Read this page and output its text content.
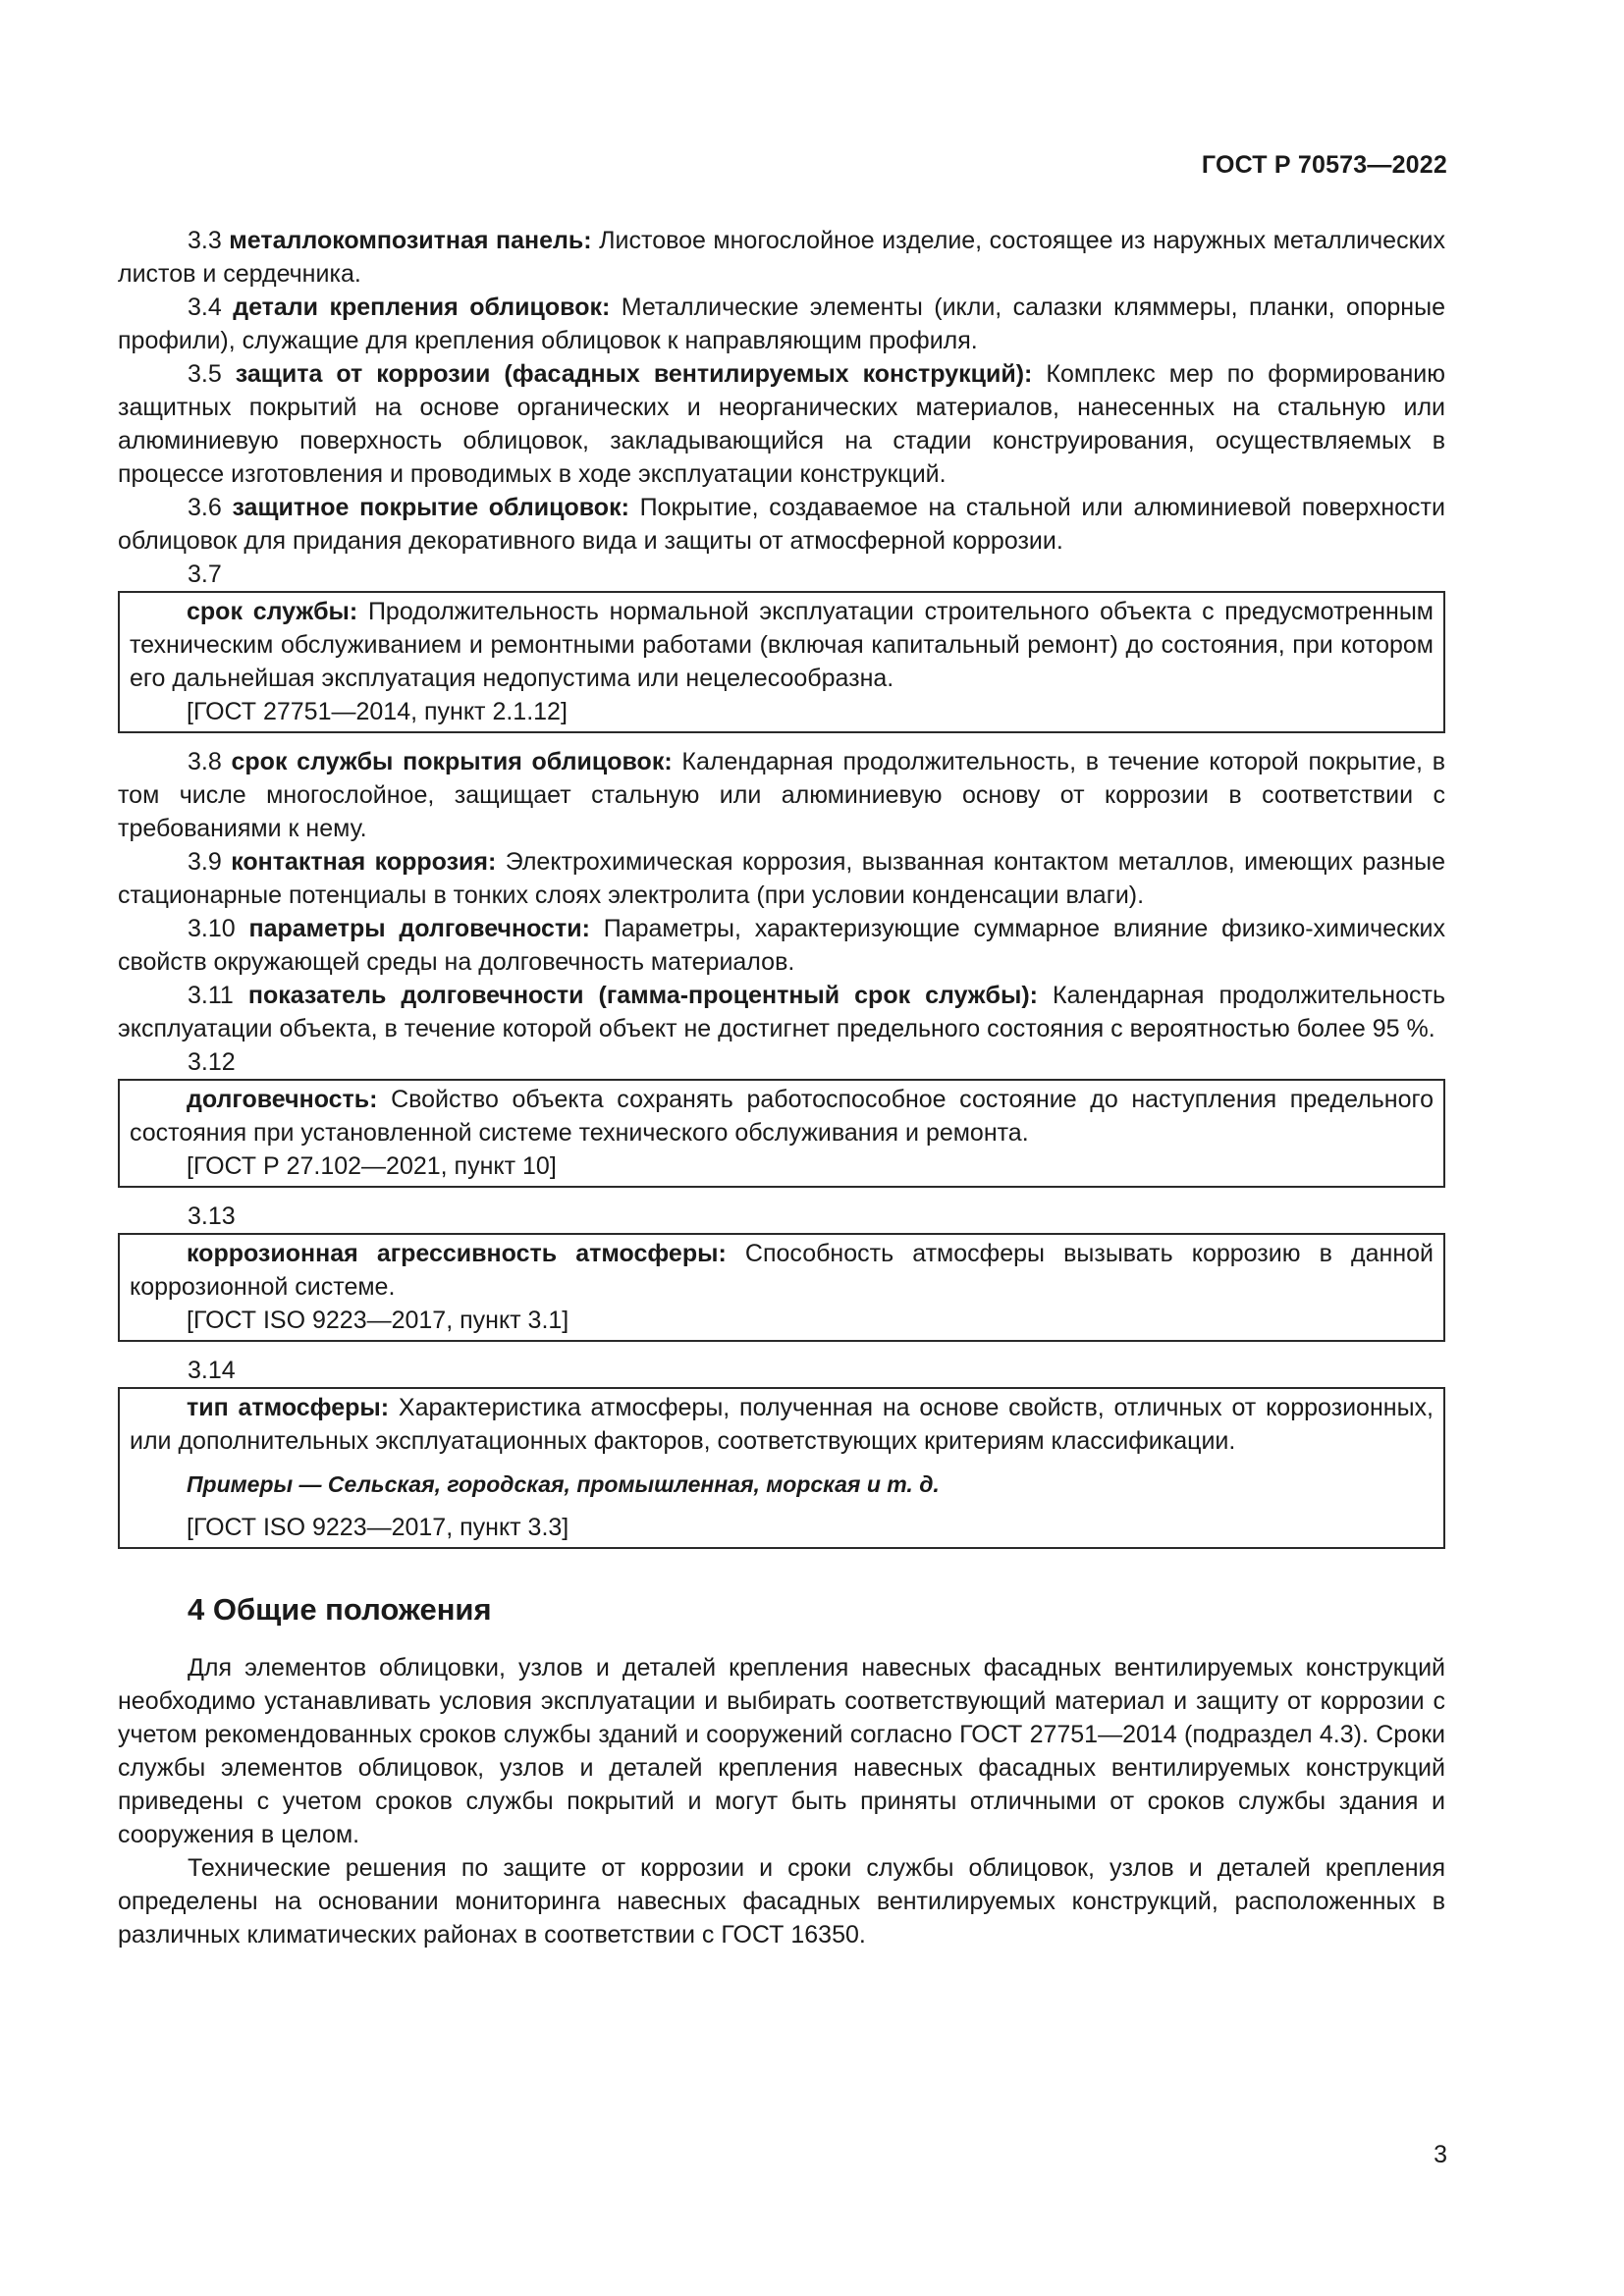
ГОСТ Р 70573—2022

3.3 металлокомпозитная панель: Листовое многослойное изделие, состоящее из наружных металлических листов и сердечника.

3.4 детали крепления облицовок: Металлические элементы (икли, салазки кляммеры, планки, опорные профили), служащие для крепления облицовок к направляющим профиля.

3.5 защита от коррозии (фасадных вентилируемых конструкций): Комплекс мер по формированию защитных покрытий на основе органических и неорганических материалов, нанесенных на стальную или алюминиевую поверхность облицовок, закладывающийся на стадии конструирования, осуществляемых в процессе изготовления и проводимых в ходе эксплуатации конструкций.

3.6 защитное покрытие облицовок: Покрытие, создаваемое на стальной или алюминиевой поверхности облицовок для придания декоративного вида и защиты от атмосферной коррозии.

3.7

срок службы: Продолжительность нормальной эксплуатации строительного объекта с предусмотренным техническим обслуживанием и ремонтными работами (включая капитальный ремонт) до состояния, при котором его дальнейшая эксплуатация недопустима или нецелесообразна.

[ГОСТ 27751—2014, пункт 2.1.12]

3.8 срок службы покрытия облицовок: Календарная продолжительность, в течение которой покрытие, в том числе многослойное, защищает стальную или алюминиевую основу от коррозии в соответствии с требованиями к нему.

3.9 контактная коррозия: Электрохимическая коррозия, вызванная контактом металлов, имеющих разные стационарные потенциалы в тонких слоях электролита (при условии конденсации влаги).

3.10 параметры долговечности: Параметры, характеризующие суммарное влияние физико-химических свойств окружающей среды на долговечность материалов.

3.11 показатель долговечности (гамма-процентный срок службы): Календарная продолжительность эксплуатации объекта, в течение которой объект не достигнет предельного состояния с вероятностью более 95 %.

3.12

долговечность: Свойство объекта сохранять работоспособное состояние до наступления предельного состояния при установленной системе технического обслуживания и ремонта.

[ГОСТ Р 27.102—2021, пункт 10]

3.13

коррозионная агрессивность атмосферы: Способность атмосферы вызывать коррозию в данной коррозионной системе.

[ГОСТ ISO 9223—2017, пункт 3.1]

3.14

тип атмосферы: Характеристика атмосферы, полученная на основе свойств, отличных от коррозионных, или дополнительных эксплуатационных факторов, соответствующих критериям классификации.

Примеры — Сельская, городская, промышленная, морская и т. д.

[ГОСТ ISO 9223—2017, пункт 3.3]

4 Общие положения

Для элементов облицовки, узлов и деталей крепления навесных фасадных вентилируемых конструкций необходимо устанавливать условия эксплуатации и выбирать соответствующий материал и защиту от коррозии с учетом рекомендованных сроков службы зданий и сооружений согласно ГОСТ 27751—2014 (подраздел 4.3). Сроки службы элементов облицовок, узлов и деталей крепления навесных фасадных вентилируемых конструкций приведены с учетом сроков службы покрытий и могут быть приняты отличными от сроков службы здания и сооружения в целом.

Технические решения по защите от коррозии и сроки службы облицовок, узлов и деталей крепления определены на основании мониторинга навесных фасадных вентилируемых конструкций, расположенных в различных климатических районах в соответствии с ГОСТ 16350.

3
